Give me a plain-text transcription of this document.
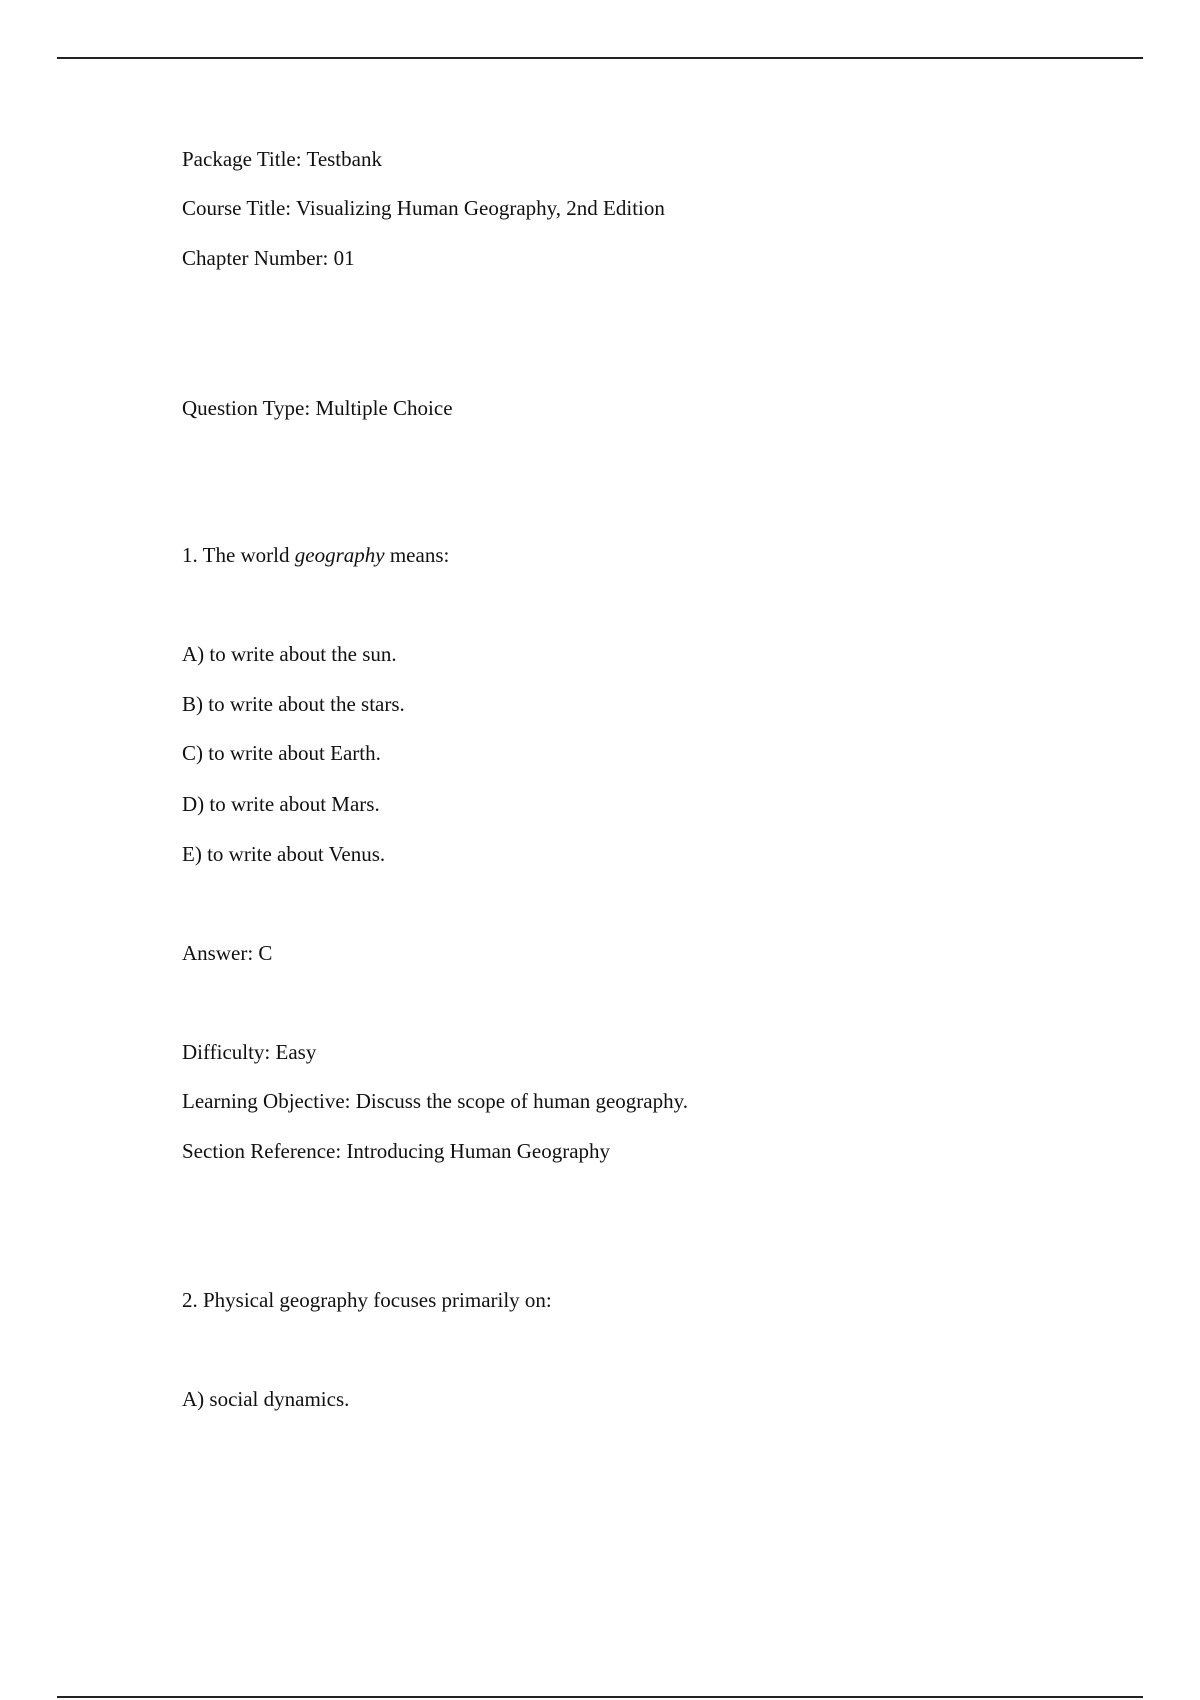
Package Title: Testbank
Course Title: Visualizing Human Geography, 2nd Edition
Chapter Number: 01
Question Type: Multiple Choice
1. The world geography means:
A) to write about the sun.
B) to write about the stars.
C) to write about Earth.
D) to write about Mars.
E) to write about Venus.
Answer: C
Difficulty: Easy
Learning Objective: Discuss the scope of human geography.
Section Reference: Introducing Human Geography
2. Physical geography focuses primarily on:
A) social dynamics.
